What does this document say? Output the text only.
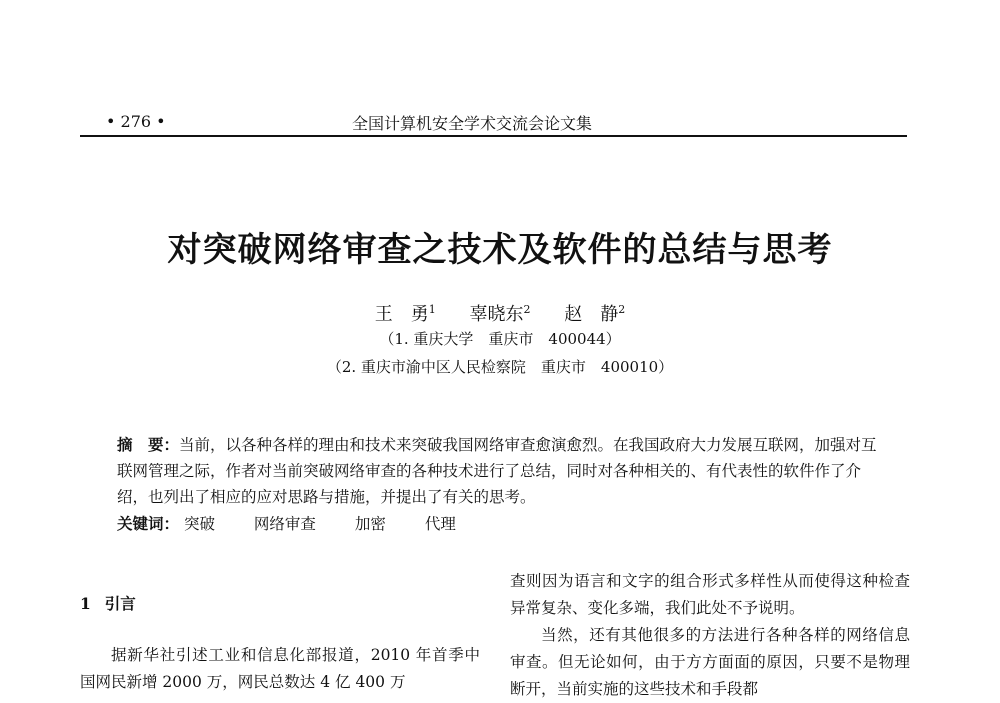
• 276 •	全国计算机安全学术交流会论文集
对突破网络审查之技术及软件的总结与思考
王　勇$^1$ 辜晓东$^2$ 赵　静$^2$
（1. 重庆大学　重庆市　400044）
（2. 重庆市渝中区人民检察院　重庆市　400010）
摘　要：当前，以各种各样的理由和技术来突破我国网络审查愈演愈烈。在我国政府大力发展互联网，加强对互联网管理之际，作者对当前突破网络审查的各种技术进行了总结，同时对各种相关的、有代表性的软件作了介绍，也列出了相应的应对思路与措施，并提出了有关的思考。
关键词： 突破	网络审查	加密	代理
1 引言

据新华社引述工业和信息化部报道，2010 年首季中国网民新增 2000 万，网民总数达 4 亿 400 万

查则因为语言和文字的组合形式多样性从而使得这种检查异常复杂、变化多端，我们此处不予说明。

当然，还有其他很多的方法进行各种各样的网络信息审查。但无论如何，由于方方面面的原因，只要不是物理断开，当前实施的这些技术和手段都
